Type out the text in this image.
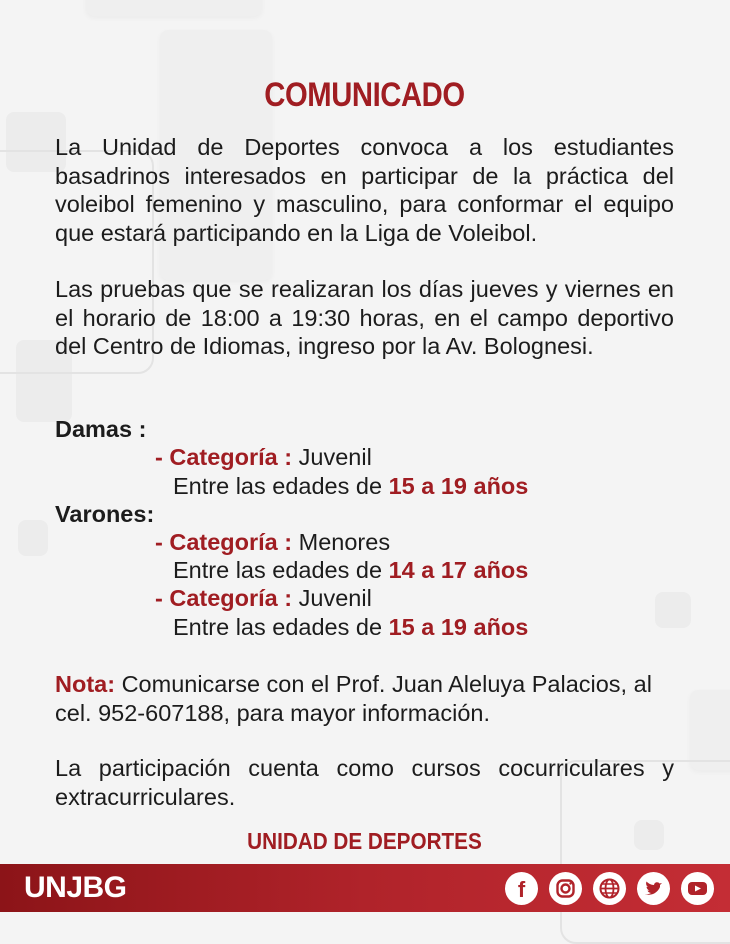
COMUNICADO
La Unidad de Deportes convoca a los estudiantes basadrinos interesados en participar de la práctica del voleibol femenino y masculino, para conformar el equipo que estará participando en la Liga de Voleibol.
Las pruebas que se realizaran los días jueves y viernes en el horario de 18:00 a 19:30 horas, en el campo deportivo del Centro de Idiomas, ingreso por la Av. Bolognesi.
Damas :
- Categoría : Juvenil
Entre las edades de 15 a 19 años
Varones:
- Categoría : Menores
Entre las edades de 14 a 17 años
- Categoría : Juvenil
Entre las edades de 15 a 19 años
Nota: Comunicarse con el Prof. Juan Aleluya Palacios, al cel. 952-607188, para mayor información.
La participación cuenta como cursos cocurriculares y extracurriculares.
UNIDAD DE DEPORTES
UNJBG	f
